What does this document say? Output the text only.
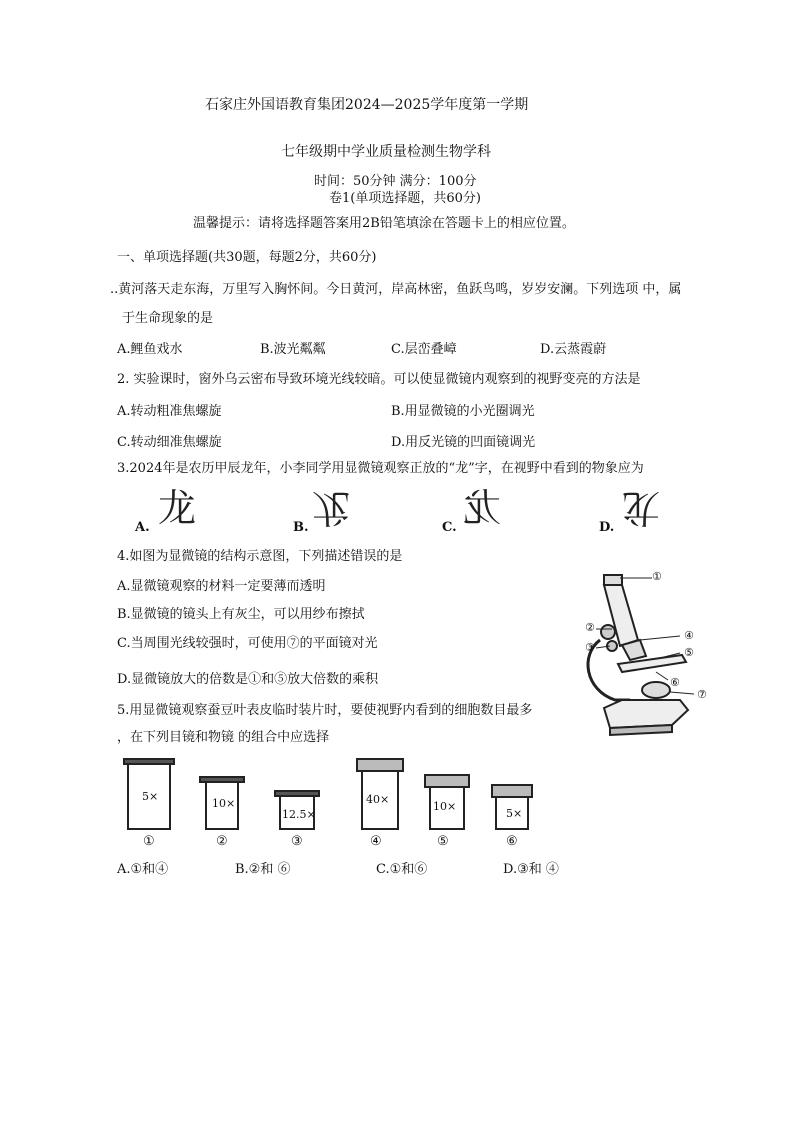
石家庄外国语教育集团2024—2025学年度第一学期
七年级期中学业质量检测生物学科
时间：50分钟 满分：100分
卷1(单项选择题，共60分)
温馨提示：请将选择题答案用2B铅笔填涂在答题卡上的相应位置。
一、单项选择题(共30题，每题2分，共60分)
..黄河落天走东海，万里写入胸怀间。今日黄河，岸高林密，鱼跃鸟鸣，岁岁安澜。下列选项 中，属
于生命现象的是
A.鲤鱼戏水	B.波光粼粼	C.层峦叠嶂	D.云蒸霞蔚
2. 实验课时，窗外乌云密布导致环境光线较暗。可以使显微镜内观察到的视野变亮的方法是
A.转动粗准焦螺旋	B.用显微镜的小光圈调光
C.转动细准焦螺旋	D.用反光镜的凹面镜调光
3.2024年是农历甲辰龙年，小李同学用显微镜观察正放的“龙”字，在视野中看到的物象应为
A. 龙	B. 龙	C. 龙	D. 龙
4.如图为显微镜的结构示意图，下列描述错误的是
A.显微镜观察的材料一定要薄而透明
B.显微镜的镜头上有灰尘，可以用纱布擦拭
C.当周围光线较强时，可使用⑦的平面镜对光
D.显微镜放大的倍数是①和⑤放大倍数的乘积
①
②
③
④
⑤
⑥
⑦
5.用显微镜观察蚕豆叶表皮临时装片时，要使视野内看到的细胞数目最多
，在下列目镜和物镜 的组合中应选择
5×
10×
12.5×
40×
10×
5×
①	②	③	④	⑤	⑥
A.①和④	B.②和 ⑥	C.①和⑥	D.③和 ④
